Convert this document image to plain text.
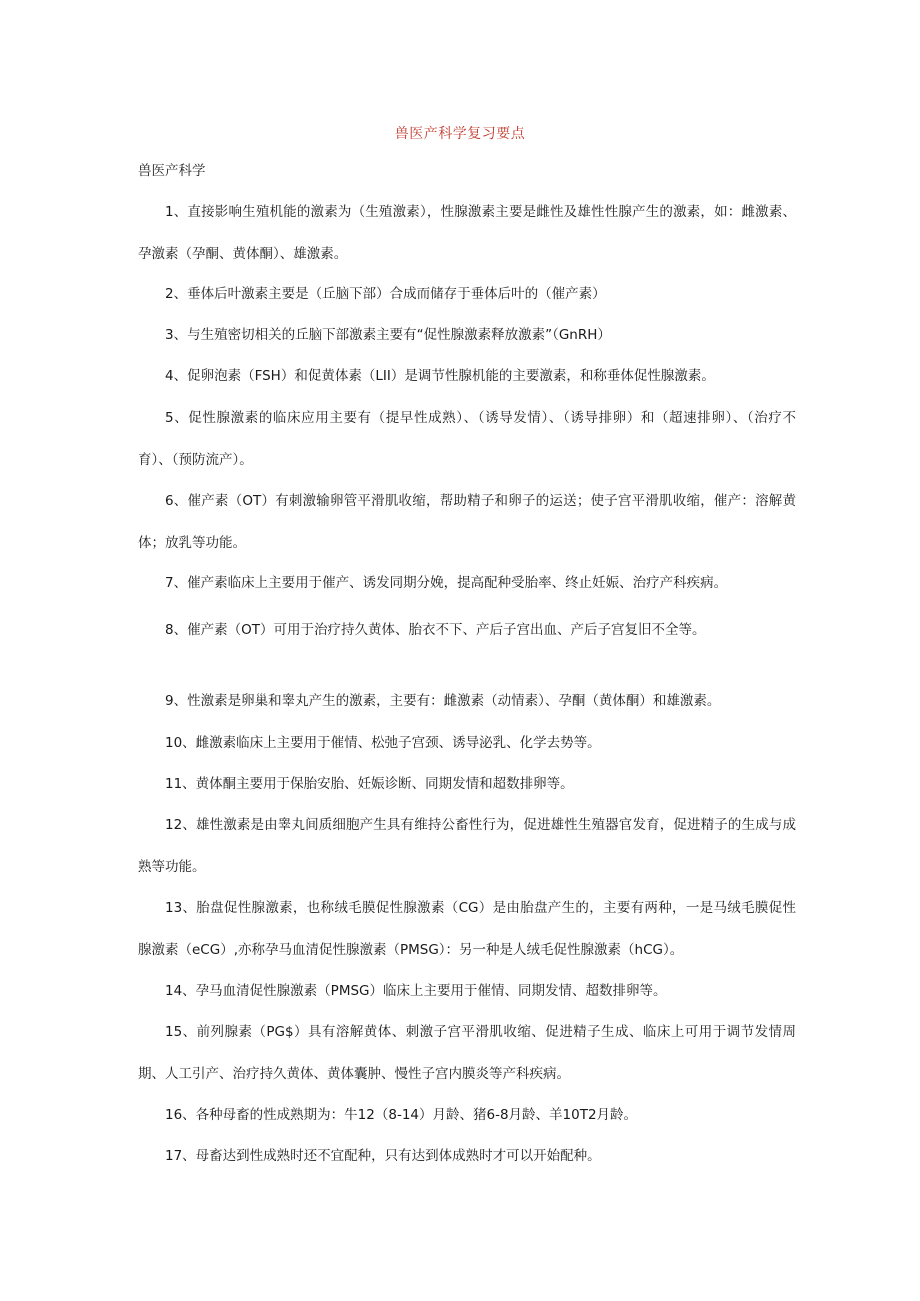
兽医产科学复习要点
兽医产科学

1、直接影响生殖机能的激素为（生殖激素），性腺激素主要是雌性及雄性性腺产生的激素，如：雌激素、孕激素（孕酮、黄体酮）、雄激素。

2、垂体后叶激素主要是（丘脑下部）合成而储存于垂体后叶的（催产素）

3、与生殖密切相关的丘脑下部激素主要有“促性腺激素释放激素”（GnRH）

4、促卵泡素（FSH）和促黄体素（LII）是调节性腺机能的主要激素，和称垂体促性腺激素。

5、促性腺激素的临床应用主要有（提早性成熟）、（诱导发情）、（诱导排卵）和（超速排卵）、（治疗不育）、（预防流产）。

6、催产素（OT）有刺激输卵管平滑肌收缩，帮助精子和卵子的运送；使子宫平滑肌收缩，催产：溶解黄体；放乳等功能。

7、催产素临床上主要用于催产、诱发同期分娩，提高配种受胎率、终止妊娠、治疗产科疾病。

8、催产素（OT）可用于治疗持久黄体、胎衣不下、产后子宫出血、产后子宫复旧不全等。

9、性激素是卵巢和睾丸产生的激素，主要有：雌激素（动情素）、孕酮（黄体酮）和雄激素。

10、雌激素临床上主要用于催情、松弛子宫颈、诱导泌乳、化学去势等。

11、黄体酮主要用于保胎安胎、妊娠诊断、同期发情和超数排卵等。

12、雄性激素是由睾丸间质细胞产生具有维持公畜性行为，促进雄性生殖器官发育，促进精子的生成与成熟等功能。

13、胎盘促性腺激素，也称绒毛膜促性腺激素（CG）是由胎盘产生的，主要有两种，一是马绒毛膜促性腺激素（eCG）,亦称孕马血清促性腺激素（PMSG）：另一种是人绒毛促性腺激素（hCG）。

14、孕马血清促性腺激素（PMSG）临床上主要用于催情、同期发情、超数排卵等。

15、前列腺素（PG$）具有溶解黄体、刺激子宫平滑肌收缩、促进精子生成、临床上可用于调节发情周期、人工引产、治疗持久黄体、黄体囊肿、慢性子宫内膜炎等产科疾病。

16、各种母畜的性成熟期为：牛12（8-14）月龄、猪6-8月龄、羊10T2月龄。

17、母畜达到性成熟时还不宜配种，只有达到体成熟时才可以开始配种。
